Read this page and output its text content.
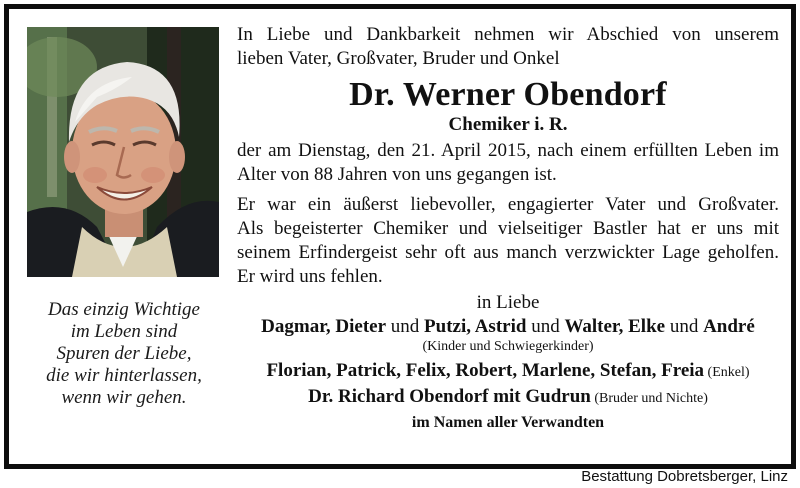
Das einzig Wichtige
im Leben sind
Spuren der Liebe,
die wir hinterlassen,
wenn wir gehen.
In Liebe und Dankbarkeit nehmen wir Abschied von unserem
lieben Vater, Großvater, Bruder und Onkel
Dr. Werner Obendorf
Chemiker i. R.
der am Dienstag, den 21. April 2015, nach einem erfüllten Leben im
Alter von 88 Jahren von uns gegangen ist.
Er war ein äußerst liebevoller, engagierter Vater und Großvater.
Als begeisterter Chemiker und vielseitiger Bastler hat er uns mit
seinem Erfindergeist sehr oft aus manch verzwickter Lage geholfen.
Er wird uns fehlen.
in Liebe
Dagmar, Dieter und Putzi, Astrid und Walter, Elke und André
(Kinder und Schwiegerkinder)
Florian, Patrick, Felix, Robert, Marlene, Stefan, Freia (Enkel)
Dr. Richard Obendorf mit Gudrun (Bruder und Nichte)
im Namen aller Verwandten
Bestattung Dobretsberger, Linz
